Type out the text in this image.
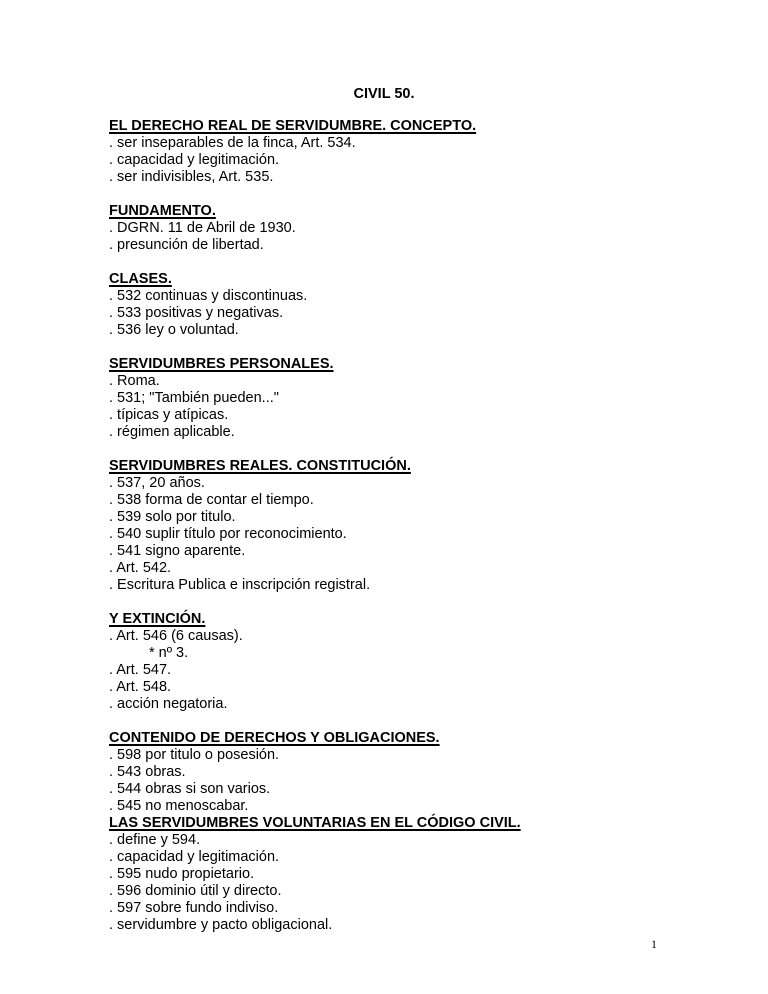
CIVIL 50.
EL DERECHO REAL DE SERVIDUMBRE. CONCEPTO.
. ser inseparables de la finca, Art. 534.
. capacidad y legitimación.
. ser indivisibles, Art. 535.
FUNDAMENTO.
. DGRN. 11 de Abril de 1930.
. presunción de libertad.
CLASES.
. 532 continuas y discontinuas.
. 533 positivas y negativas.
. 536 ley o voluntad.
SERVIDUMBRES PERSONALES.
. Roma.
. 531; "También pueden..."
. típicas y atípicas.
. régimen aplicable.
SERVIDUMBRES REALES. CONSTITUCIÓN.
. 537, 20 años.
. 538 forma de contar el tiempo.
. 539 solo por titulo.
. 540 suplir título por reconocimiento.
. 541 signo aparente.
. Art. 542.
. Escritura Publica e inscripción registral.
Y EXTINCIÓN.
. Art. 546 (6 causas).
* nº 3.
. Art. 547.
. Art. 548.
. acción negatoria.
CONTENIDO DE DERECHOS Y OBLIGACIONES.
. 598 por titulo o posesión.
. 543 obras.
. 544 obras si son varios.
. 545 no menoscabar.
LAS SERVIDUMBRES VOLUNTARIAS EN EL CÓDIGO CIVIL.
. define y 594.
. capacidad y legitimación.
. 595 nudo propietario.
. 596 dominio útil y directo.
. 597 sobre fundo indiviso.
. servidumbre y pacto obligacional.
1
